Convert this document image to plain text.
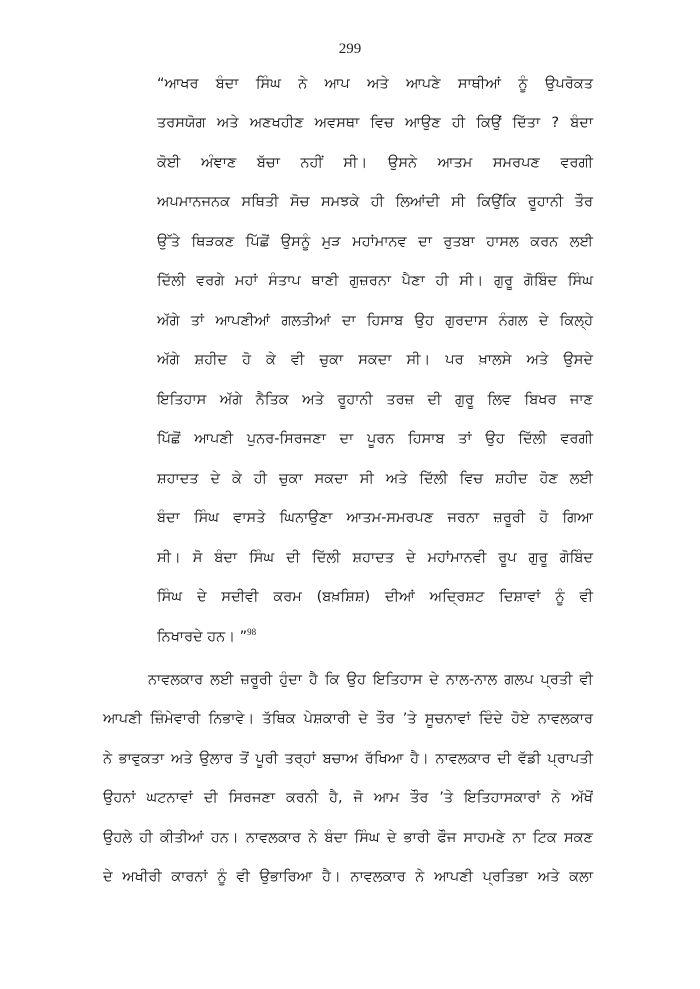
299
“ਆਖਰ ਬੰਦਾ ਸਿੰਘ ਨੇ ਆਪ ਅਤੇ ਆਪਣੇ ਸਾਥੀਆਂ ਨੂੰ ਉਪਰੋਕਤ
ਤਰਸਯੋਗ ਅਤੇ ਅਣਖਹੀਣ ਅਵਸਥਾ ਵਿਚ ਆਉਣ ਹੀ ਕਿਉਂ ਦਿੱਤਾ ? ਬੰਦਾ
ਕੋਈ ਅੰਞਾਣ ਬੱਚਾ ਨਹੀਂ ਸੀ। ਉਸਨੇ ਆਤਮ ਸਮਰਪਣ ਵਰਗੀ
ਅਪਮਾਨਜਨਕ ਸਥਿਤੀ ਸੋਚ ਸਮਝਕੇ ਹੀ ਲਿਆਂਦੀ ਸੀ ਕਿਉਂਕਿ ਰੂਹਾਨੀ ਤੌਰ
ਉੱਤੇ ਥਿੜਕਣ ਪਿੱਛੋਂ ਉਸਨੂੰ ਮੁੜ ਮਹਾਂਮਾਨਵ ਦਾ ਰੁਤਬਾ ਹਾਸਲ ਕਰਨ ਲਈ
ਦਿੱਲੀ ਵਰਗੇ ਮਹਾਂ ਸੰਤਾਪ ਥਾਣੀ ਗੁਜ਼ਰਨਾ ਪੈਣਾ ਹੀ ਸੀ। ਗੁਰੂ ਗੋਬਿੰਦ ਸਿੰਘ
ਅੱਗੇ ਤਾਂ ਆਪਣੀਆਂ ਗਲਤੀਆਂ ਦਾ ਹਿਸਾਬ ਉਹ ਗੁਰਦਾਸ ਨੰਗਲ ਦੇ ਕਿਲ੍ਹੇ
ਅੱਗੇ ਸ਼ਹੀਦ ਹੋ ਕੇ ਵੀ ਚੁਕਾ ਸਕਦਾ ਸੀ। ਪਰ ਖ਼ਾਲਸੇ ਅਤੇ ਉਸਦੇ
ਇਤਿਹਾਸ ਅੱਗੇ ਨੈਤਿਕ ਅਤੇ ਰੂਹਾਨੀ ਤਰਜ਼ ਦੀ ਗੁਰੂ ਲਿਵ ਬਿਖਰ ਜਾਣ
ਪਿੱਛੋਂ ਆਪਣੀ ਪੁਨਰ-ਸਿਰਜਣਾ ਦਾ ਪੂਰਨ ਹਿਸਾਬ ਤਾਂ ਉਹ ਦਿੱਲੀ ਵਰਗੀ
ਸ਼ਹਾਦਤ ਦੇ ਕੇ ਹੀ ਚੁਕਾ ਸਕਦਾ ਸੀ ਅਤੇ ਦਿੱਲੀ ਵਿਚ ਸ਼ਹੀਦ ਹੋਣ ਲਈ
ਬੰਦਾ ਸਿੰਘ ਵਾਸਤੇ ਘਿਨਾਉਣਾ ਆਤਮ-ਸਮਰਪਣ ਜਰਨਾ ਜ਼ਰੂਰੀ ਹੋ ਗਿਆ
ਸੀ। ਸੋ ਬੰਦਾ ਸਿੰਘ ਦੀ ਦਿੱਲੀ ਸ਼ਹਾਦਤ ਦੇ ਮਹਾਂਮਾਨਵੀ ਰੂਪ ਗੁਰੂ ਗੋਬਿੰਦ
ਸਿੰਘ ਦੇ ਸਦੀਵੀ ਕਰਮ (ਬਖ਼ਸ਼ਿਸ਼) ਦੀਆਂ ਅਦ੍ਰਿਸ਼ਟ ਦਿਸ਼ਾਵਾਂ ਨੂੰ ਵੀ
ਨਿਖਾਰਦੇ ਹਨ। ”$^{98}$
ਨਾਵਲਕਾਰ ਲਈ ਜ਼ਰੂਰੀ ਹੁੰਦਾ ਹੈ ਕਿ ਉਹ ਇਤਿਹਾਸ ਦੇ ਨਾਲ-ਨਾਲ ਗਲਪ ਪ੍ਰਤੀ ਵੀ
ਆਪਣੀ ਜ਼ਿੰਮੇਵਾਰੀ ਨਿਭਾਵੇ। ਤੱਥਿਕ ਪੇਸ਼ਕਾਰੀ ਦੇ ਤੌਰ ’ਤੇ ਸੂਚਨਾਵਾਂ ਦਿੰਦੇ ਹੋਏ ਨਾਵਲਕਾਰ
ਨੇ ਭਾਵੁਕਤਾ ਅਤੇ ਉਲਾਰ ਤੋਂ ਪੂਰੀ ਤਰ੍ਹਾਂ ਬਚਾਅ ਰੱਖਿਆ ਹੈ। ਨਾਵਲਕਾਰ ਦੀ ਵੱਡੀ ਪ੍ਰਾਪਤੀ
ਉਹਨਾਂ ਘਟਨਾਵਾਂ ਦੀ ਸਿਰਜਣਾ ਕਰਨੀ ਹੈ, ਜੋ ਆਮ ਤੌਰ ’ਤੇ ਇਤਿਹਾਸਕਾਰਾਂ ਨੇ ਅੱਖੋਂ
ਉਹਲੇ ਹੀ ਕੀਤੀਆਂ ਹਨ। ਨਾਵਲਕਾਰ ਨੇ ਬੰਦਾ ਸਿੰਘ ਦੇ ਭਾਰੀ ਫੌਜ ਸਾਹਮਣੇ ਨਾ ਟਿਕ ਸਕਣ
ਦੇ ਅਖੀਰੀ ਕਾਰਨਾਂ ਨੂੰ ਵੀ ਉਭਾਰਿਆ ਹੈ। ਨਾਵਲਕਾਰ ਨੇ ਆਪਣੀ ਪ੍ਰਤਿਭਾ ਅਤੇ ਕਲਾ
